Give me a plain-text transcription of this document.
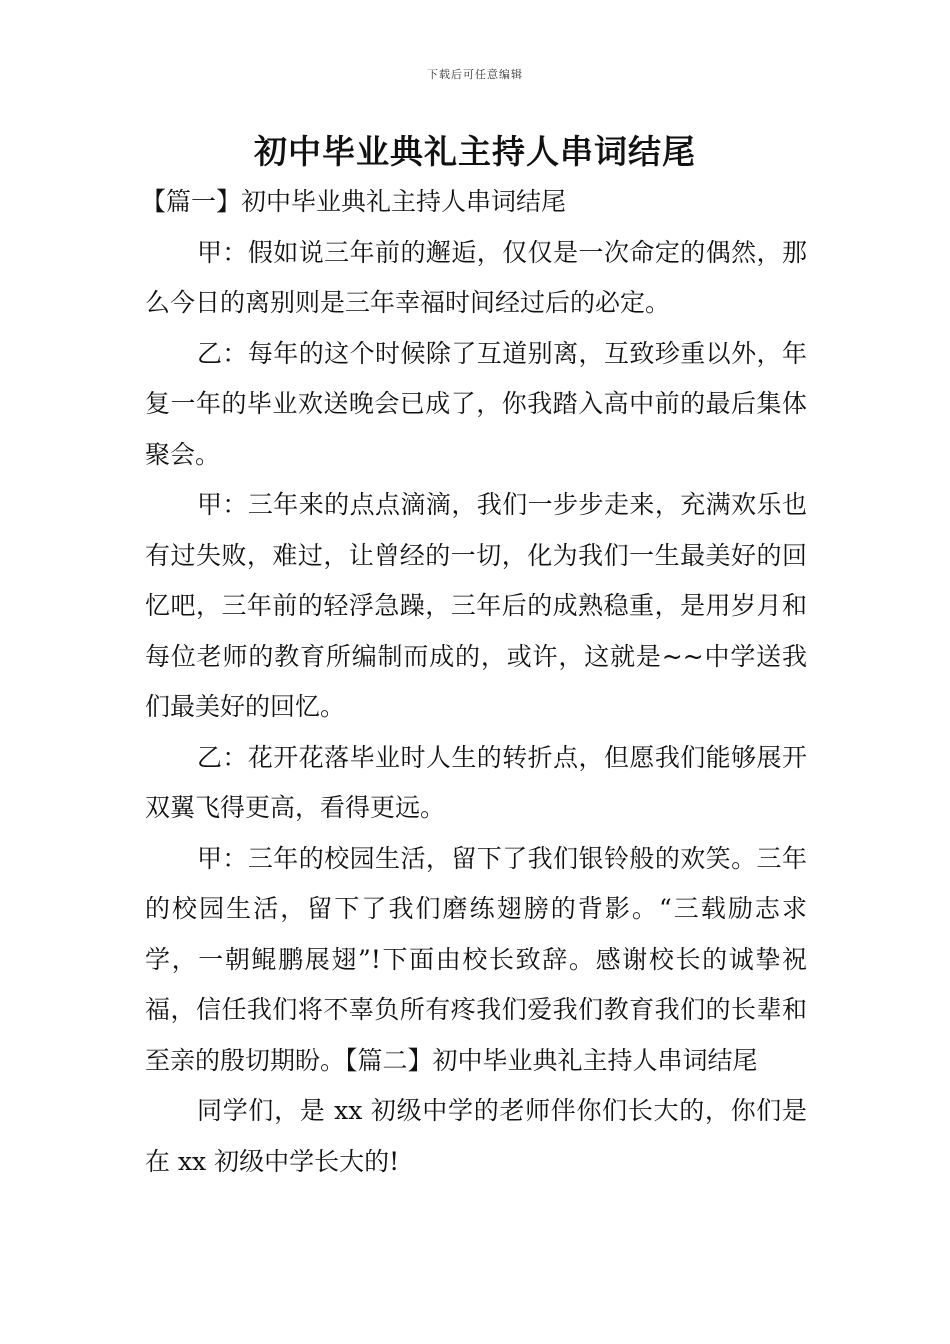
下载后可任意编辑
初中毕业典礼主持人串词结尾

【篇一】初中毕业典礼主持人串词结尾

甲：假如说三年前的邂逅，仅仅是一次命定的偶然，那么今日的离别则是三年幸福时间经过后的必定。

乙：每年的这个时候除了互道别离，互致珍重以外，年复一年的毕业欢送晚会已成了，你我踏入高中前的最后集体聚会。

甲：三年来的点点滴滴，我们一步步走来，充满欢乐也有过失败，难过，让曾经的一切，化为我们一生最美好的回忆吧，三年前的轻浮急躁，三年后的成熟稳重，是用岁月和每位老师的教育所编制而成的，或许，这就是~~中学送我们最美好的回忆。

乙：花开花落毕业时人生的转折点，但愿我们能够展开双翼飞得更高，看得更远。

甲：三年的校园生活，留下了我们银铃般的欢笑。三年的校园生活，留下了我们磨练翅膀的背影。“三载励志求学，一朝鲲鹏展翅”!下面由校长致辞。感谢校长的诚挚祝福，信任我们将不辜负所有疼我们爱我们教育我们的长辈和至亲的殷切期盼。【篇二】初中毕业典礼主持人串词结尾

同学们，是 xx 初级中学的老师伴你们长大的，你们是在 xx 初级中学长大的!
